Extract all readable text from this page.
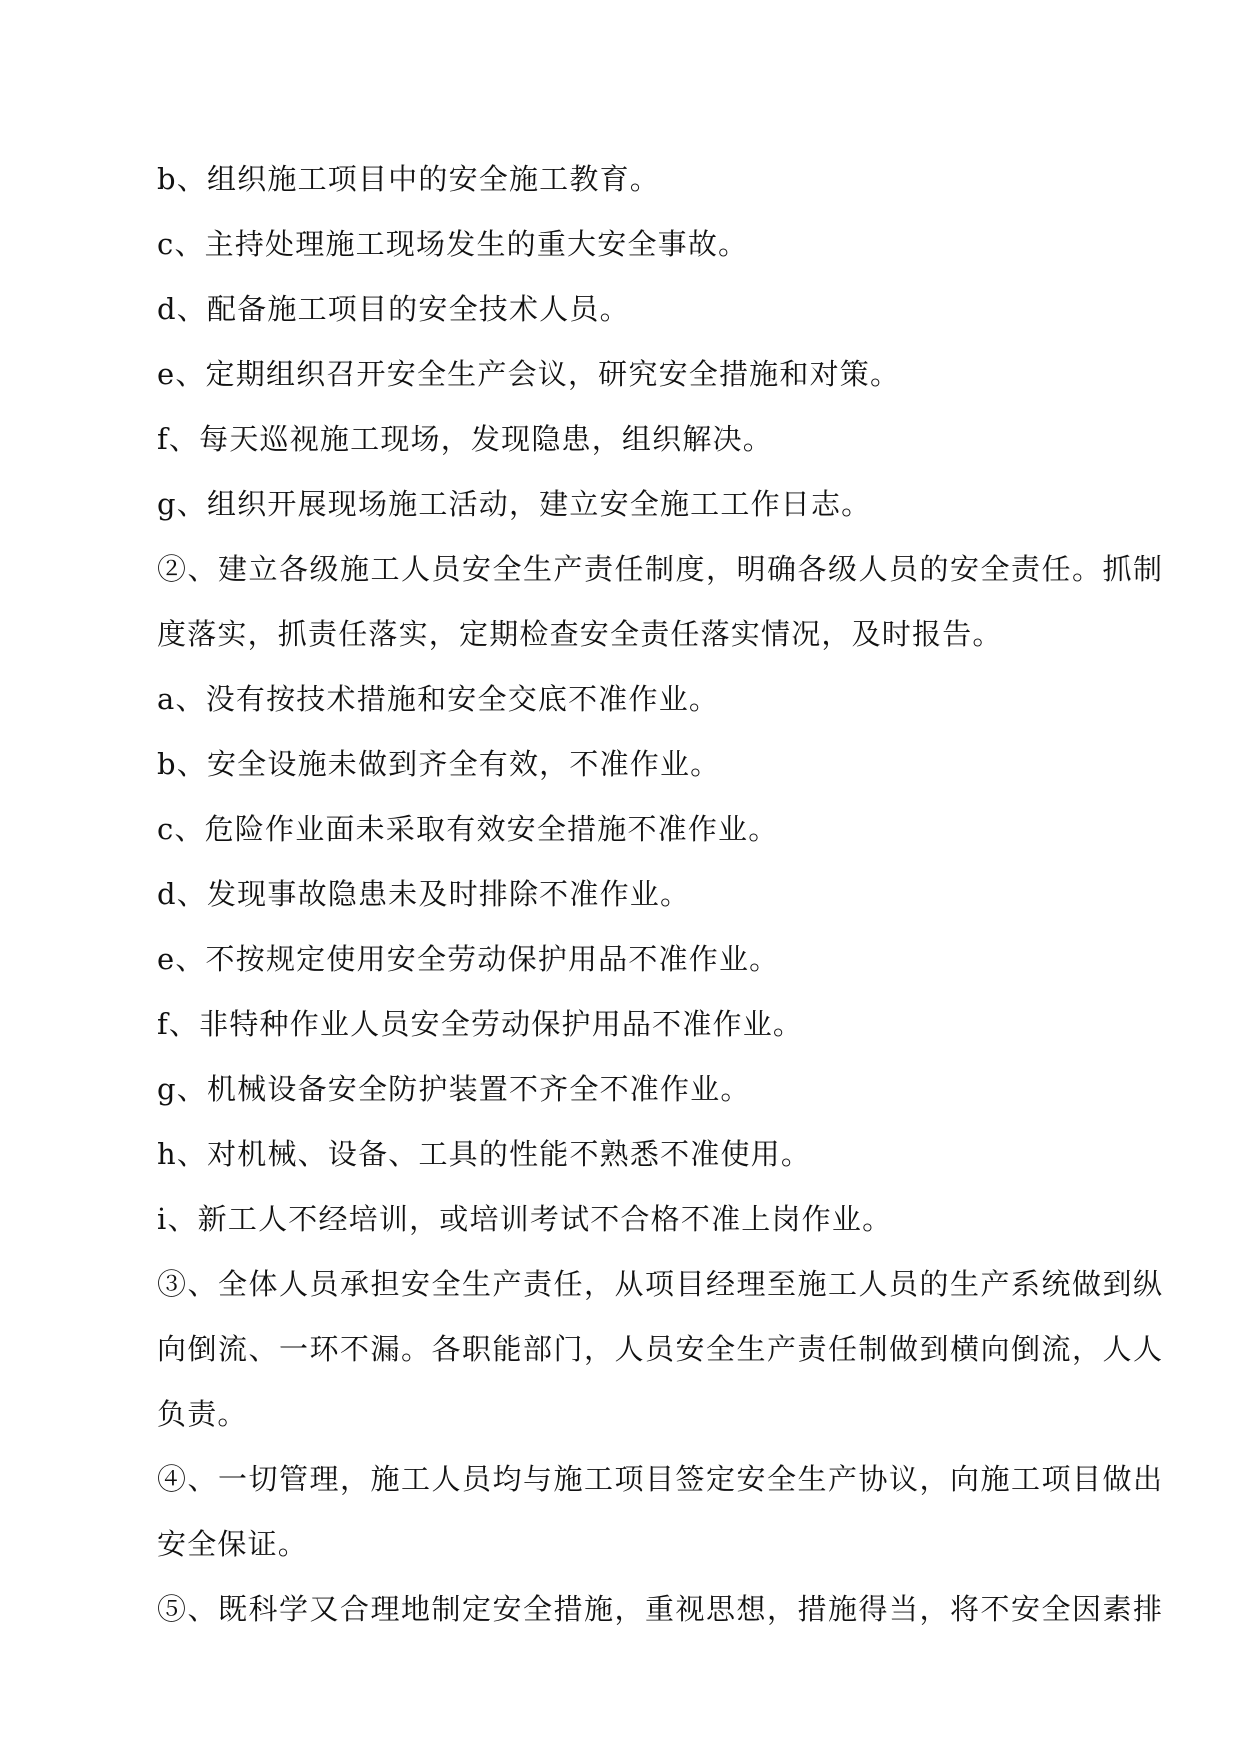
b、组织施工项目中的安全施工教育。
c、主持处理施工现场发生的重大安全事故。
d、配备施工项目的安全技术人员。
e、定期组织召开安全生产会议，研究安全措施和对策。
f、每天巡视施工现场，发现隐患，组织解决。
g、组织开展现场施工活动，建立安全施工工作日志。
②、建立各级施工人员安全生产责任制度，明确各级人员的安全责任。抓制
度落实，抓责任落实，定期检查安全责任落实情况，及时报告。
a、没有按技术措施和安全交底不准作业。
b、安全设施未做到齐全有效，不准作业。
c、危险作业面未采取有效安全措施不准作业。
d、发现事故隐患未及时排除不准作业。
e、不按规定使用安全劳动保护用品不准作业。
f、非特种作业人员安全劳动保护用品不准作业。
g、机械设备安全防护装置不齐全不准作业。
h、对机械、设备、工具的性能不熟悉不准使用。
i、新工人不经培训，或培训考试不合格不准上岗作业。
③、全体人员承担安全生产责任，从项目经理至施工人员的生产系统做到纵
向倒流、一环不漏。各职能部门，人员安全生产责任制做到横向倒流，人人
负责。
④、一切管理，施工人员均与施工项目签定安全生产协议，向施工项目做出
安全保证。
⑤、既科学又合理地制定安全措施，重视思想，措施得当，将不安全因素排
